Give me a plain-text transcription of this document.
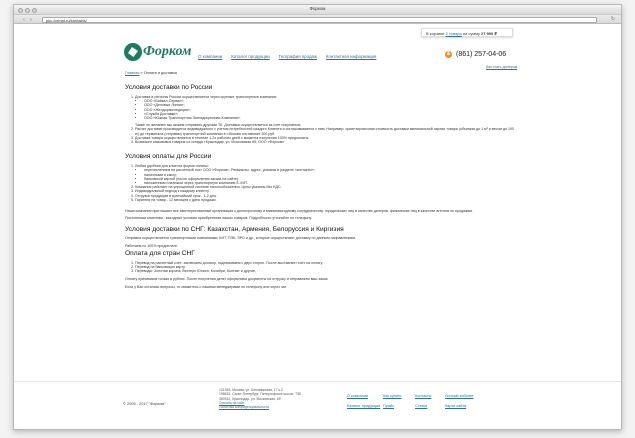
Форком
‹	›	pkc-format.ru/kantakts/	↻
В корзине 2 товара на сумму 27 900 ₽
Форком О компании Каталог продукции География продаж Контактная информация	& (861) 257-04-06
Как стать дилером
Главная » Оплата и доставка
Условия доставки по России
1. Доставка в регионы России осуществляется через крупные транспортные компании:
• ООО «Байкал-Сервис»;
• ООО «Деловые Линии»;
• ООО «Желдорэкспедиция»;
• «Служба Доставки»;
• ООО «Южная Транспортная Экспедиционная Компания».
Также по желанию мы можем отправить другими ТК. Доставка осуществляется за счет покупателя.
2. Расчет доставки производится индивидуально с учетом потребностей каждого Клиента и согласовывается с ним. Например: ориентировочная стоимость доставки минимальной партии товара (объемом до 1 м³ и весом до 100 кг) до терминала (отправки) транспортной компании в г.Москва составляет 300 руб.
3. Доставка товара осуществляется в течение 1-2х рабочих дней с момента получения 100% предоплаты.
4. Возможен самовывоз товаров со склада г.Краснодар, ул. Московская 69, ООО «Форком»
Условия оплаты для России
1. Любая удобная для клиента форма оплаты:
• перечислением на расчетный счет ООО «Форком». Реквизиты, адрес, указаны в разделе «контакты»;
• наличными в кассу;
• банковской картой (после оформления заказа на сайте);
• наложенным платежом через транспортную компанию Е-ХИТ.
2. Компания работает на упрощенной системе налогообложения. Цены указаны без НДС.
3. Индивидуальный подход к каждому клиенту.
4. Отгрузка продукции в кратчайший срок - 1-2 дня.
5. Гарантия на товар - 12 месяцев с даты продажи.
Наша компания приглашает все заинтересованные организации к долгосрочному и взаимовыгодному сотрудничеству: юридических лиц в качестве дилеров, физических лиц в качестве агентов по продажам.
Постоянным клиентам - выгодные условия приобретения наших товаров. Подробности уточняйте по телефону.
Условия доставки по СНГ: Казахстан, Армения, Белоруссия и Киргизия
Отправка осуществляется транспортными компаниями: КИТ, ПЭК, ЭРО и др., которые осуществляют доставку по данным направлениям.
Работаем по 100% предоплате.
Оплата для стран СНГ
1. Перевод на расчетный счет: заключаем договор, подписываем с двух сторон. После выставляет счет на оплату.
2. Перевод на банковскую карту.
3. Переводы: Золотая корона; Вестерн Юнион, Колибри, Контакт и другие.
Оплату принимаем только в рублях. После получения денег оформляем документы на отгрузку и отправляем ваш заказ.
Если у Вас остались вопросы, то свяжитесь с нашими менеджерами по телефону или через чат
© 2005 - 2017 "Форком"
121353, Москва, ул. Беловежская, 17 к.2
198615, Санкт-Петербург, Петергофское шоссе, 73Б
350912, Краснодар, ул. Московская, 69
Скачать на сайт
Политика конфиденциальности
О компании	Как купить	Контакты	Личный кабинет
Каталог продукции Прайс	Статьи	Карта сайта
